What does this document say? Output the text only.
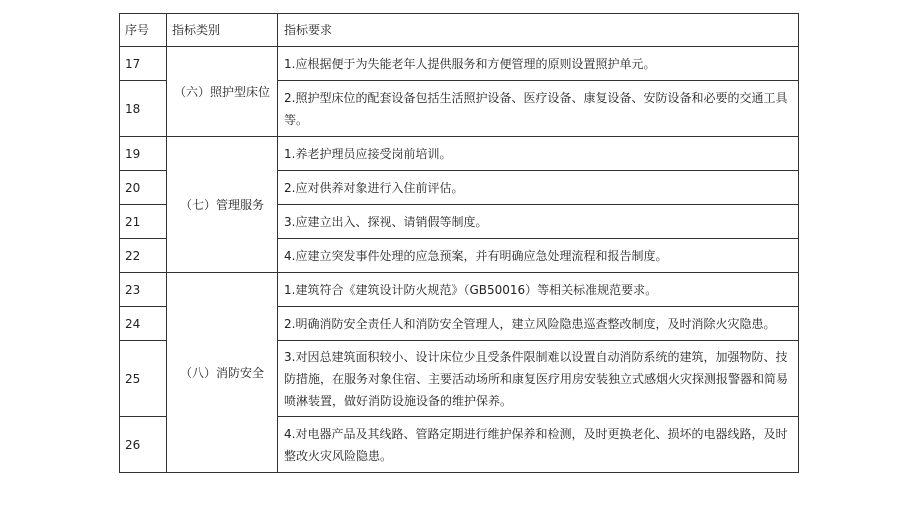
序号	指标类别	指标要求
17	（六）照护型床位	1.应根据便于为失能老年人提供服务和方便管理的原则设置照护单元。
18		2.照护型床位的配套设备包括生活照护设备、医疗设备、康复设备、安防设备和必要的交通工具等。
19	（七）管理服务	1.养老护理员应接受岗前培训。
20		2.应对供养对象进行入住前评估。
21		3.应建立出入、探视、请销假等制度。
22		4.应建立突发事件处理的应急预案，并有明确应急处理流程和报告制度。
23	（八）消防安全	1.建筑符合《建筑设计防火规范》（GB50016）等相关标准规范要求。
24		2.明确消防安全责任人和消防安全管理人，建立风险隐患巡查整改制度，及时消除火灾隐患。
25		3.对因总建筑面积较小、设计床位少且受条件限制难以设置自动消防系统的建筑，加强物防、技防措施，在服务对象住宿、主要活动场所和康复医疗用房安装独立式感烟火灾探测报警器和简易喷淋装置，做好消防设施设备的维护保养。
26		4.对电器产品及其线路、管路定期进行维护保养和检测，及时更换老化、损坏的电器线路，及时整改火灾风险隐患。
